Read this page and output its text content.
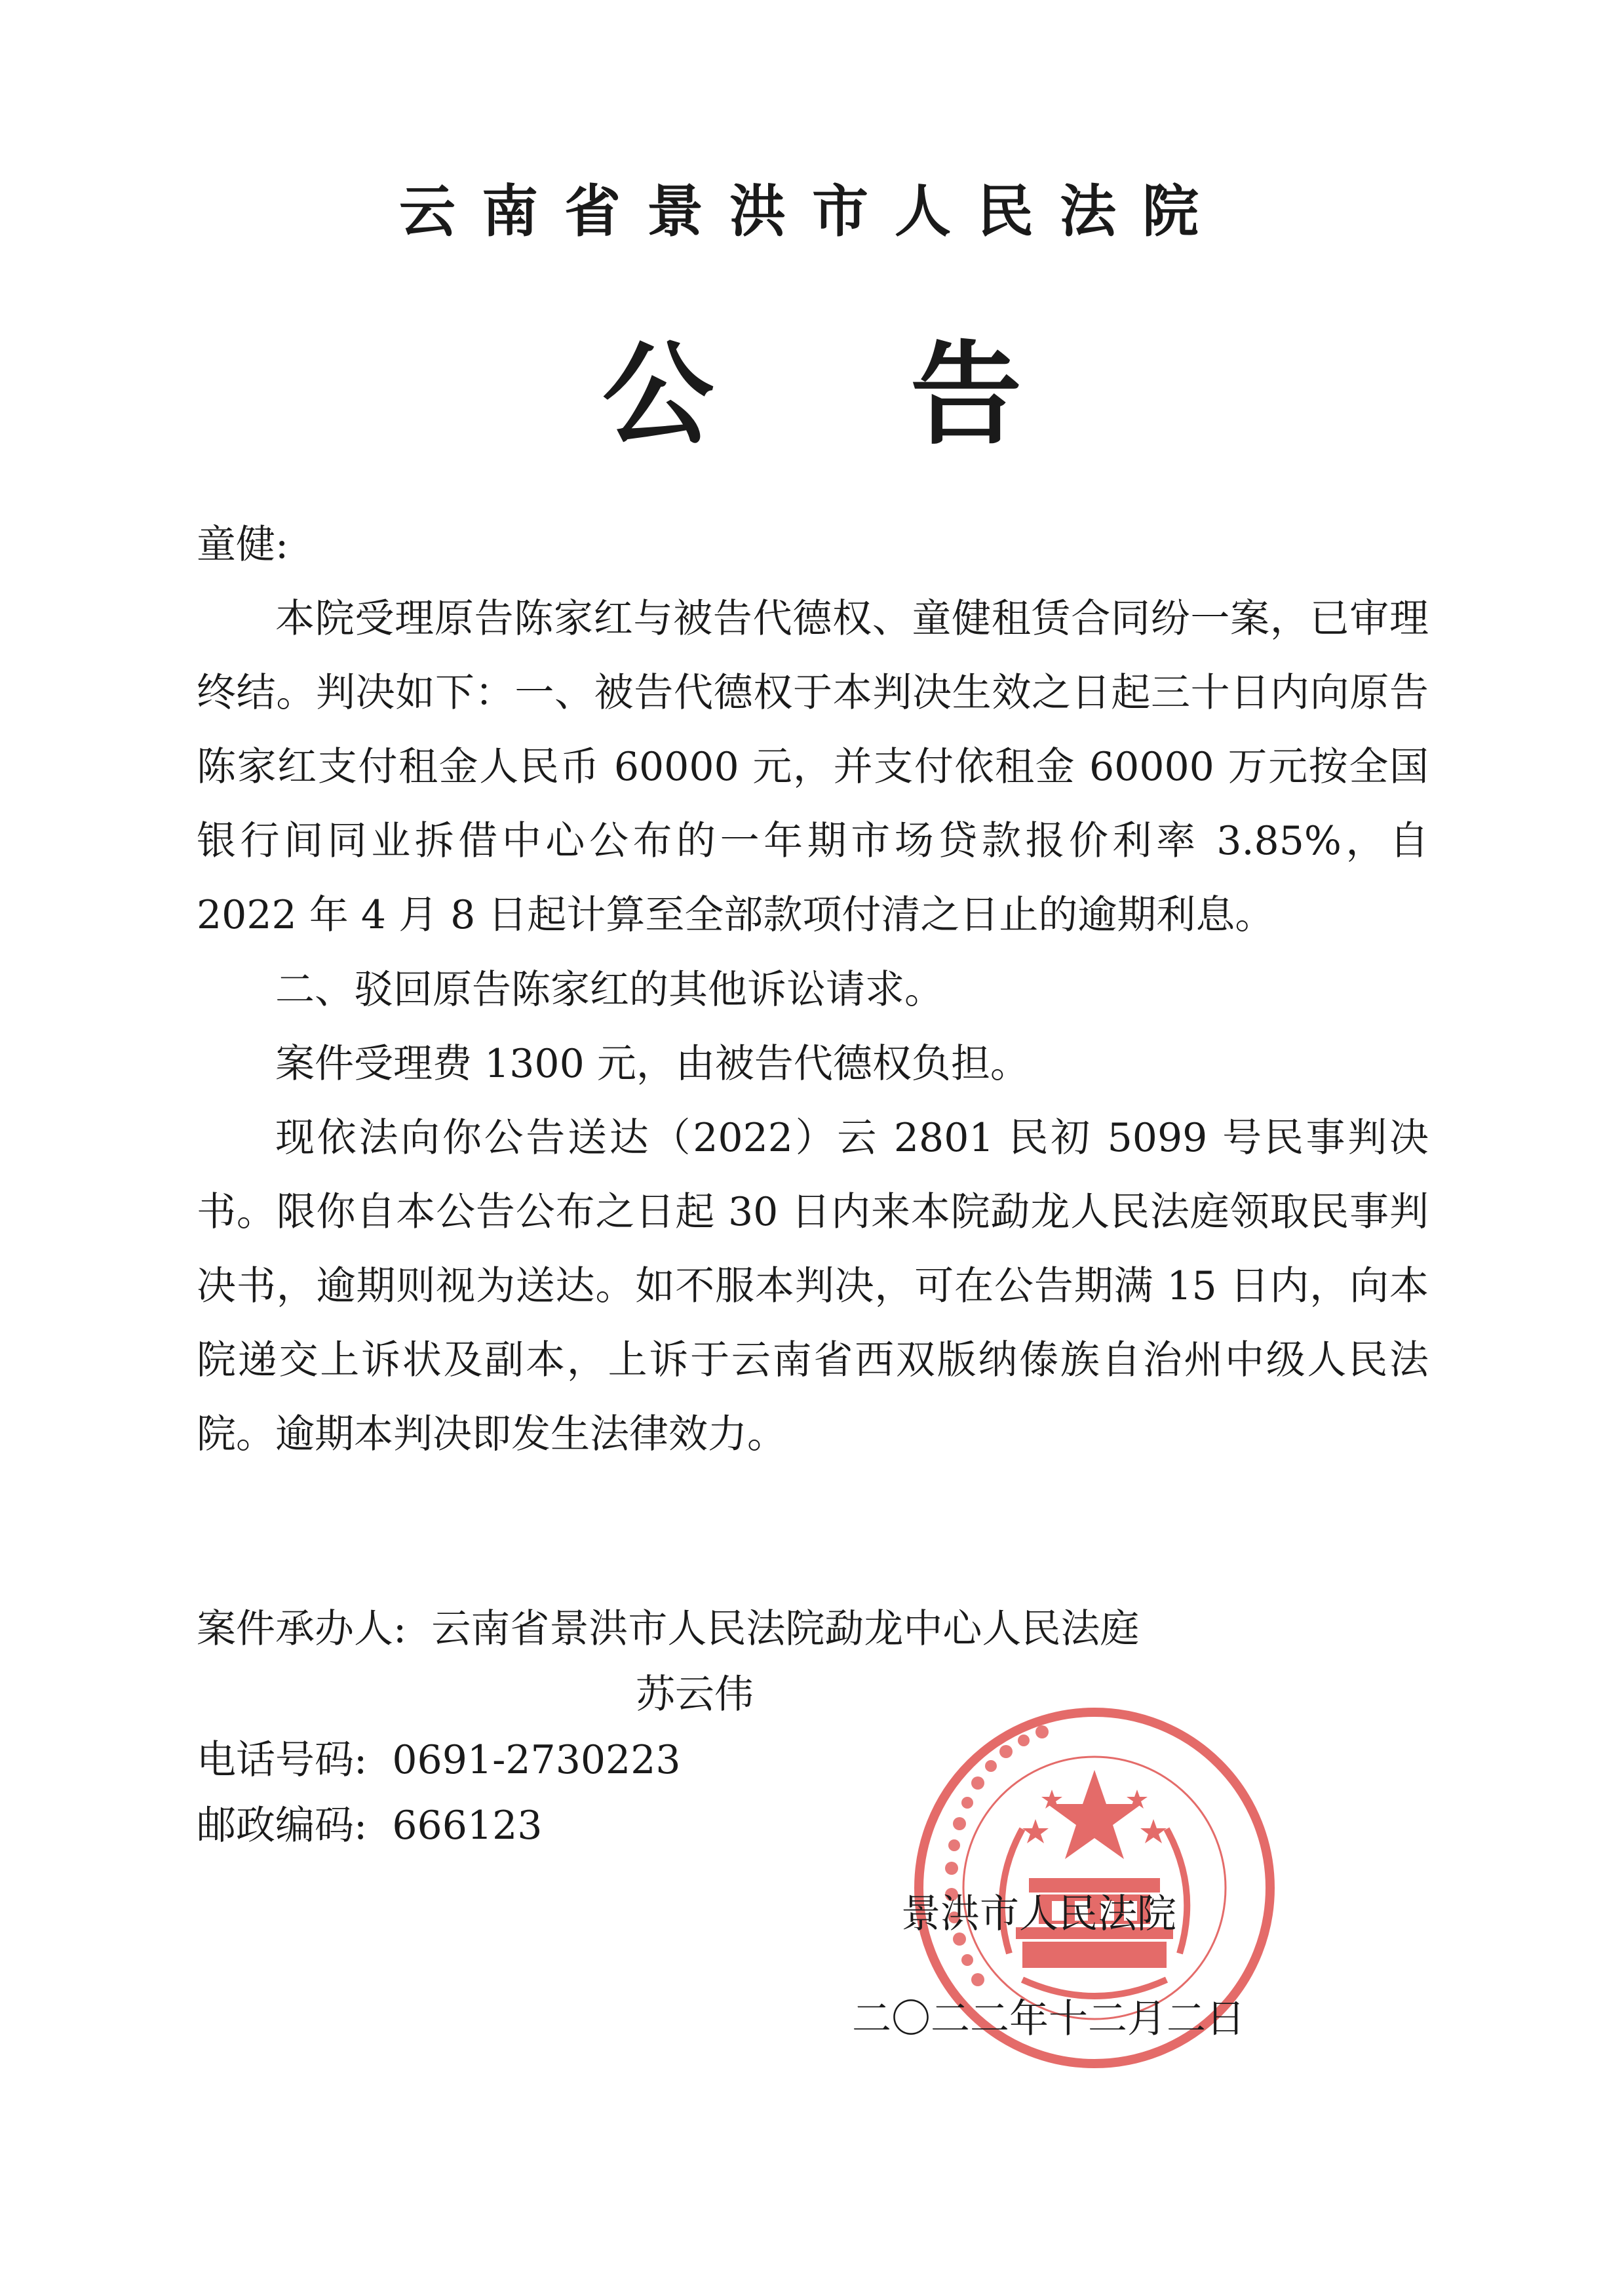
云南省景洪市人民法院
公 告

童健:

本院受理原告陈家红与被告代德权、童健租赁合同纷一案，已审理终结。判决如下：一、被告代德权于本判决生效之日起三十日内向原告陈家红支付租金人民币 60000 元，并支付依租金 60000 万元按全国银行间同业拆借中心公布的一年期市场贷款报价利率 3.85%，自 2022 年 4 月 8 日起计算至全部款项付清之日止的逾期利息。

二、驳回原告陈家红的其他诉讼请求。

案件受理费 1300 元，由被告代德权负担。

现依法向你公告送达（2022）云 2801 民初 5099 号民事判决书。限你自本公告公布之日起 30 日内来本院勐龙人民法庭领取民事判决书，逾期则视为送达。如不服本判决，可在公告期满 15 日内，向本院递交上诉状及副本，上诉于云南省西双版纳傣族自治州中级人民法院。逾期本判决即发生法律效力。

案件承办人: 云南省景洪市人民法院勐龙中心人民法庭

苏云伟

电话号码: 0691-2730223

邮政编码: 666123

景洪市人民法院
二〇二二年十二月二日
